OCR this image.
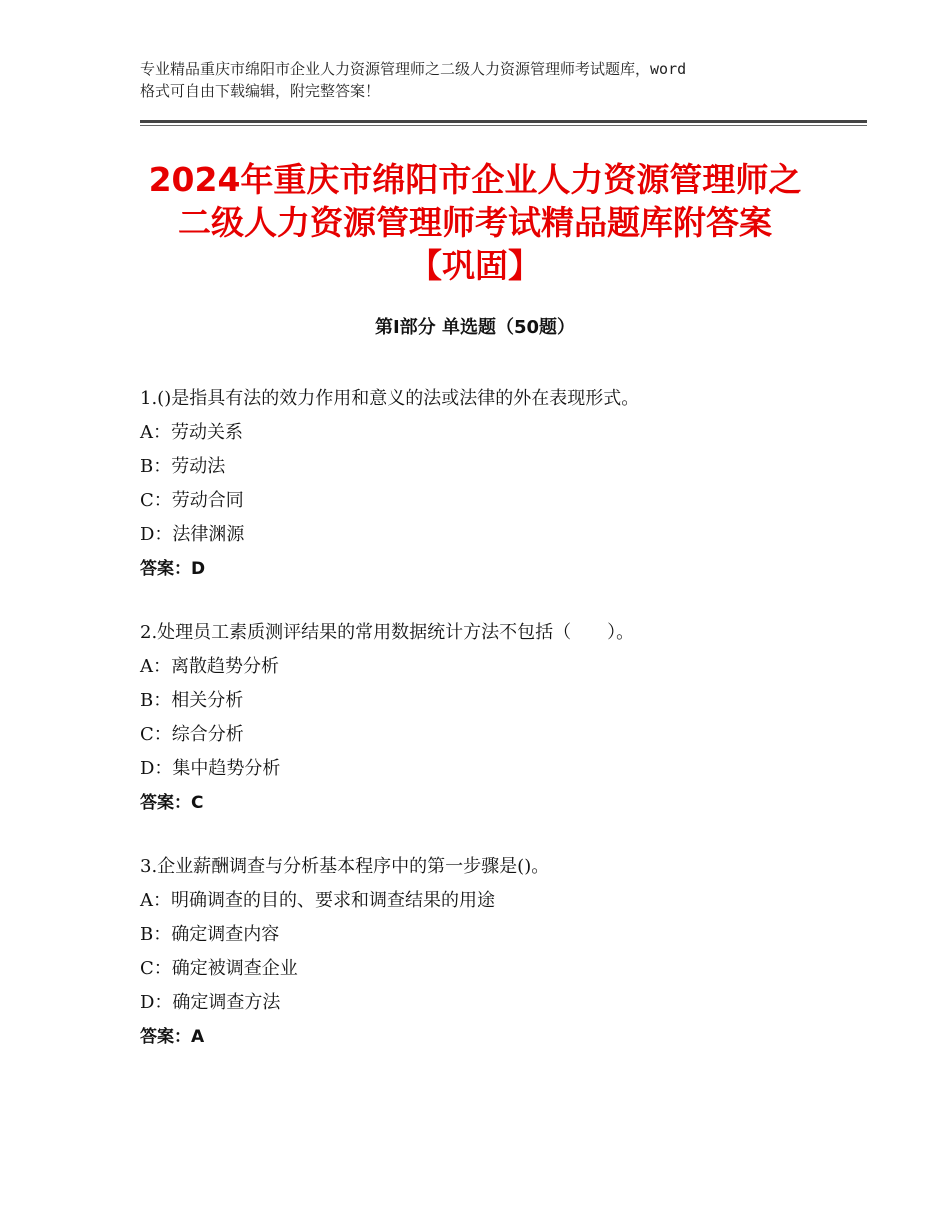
专业精品重庆市绵阳市企业人力资源管理师之二级人力资源管理师考试题库，word
格式可自由下载编辑，附完整答案！
2024年重庆市绵阳市企业人力资源管理师之
二级人力资源管理师考试精品题库附答案
【巩固】
第Ⅰ部分 单选题（50题）
1.()是指具有法的效力作用和意义的法或法律的外在表现形式。
A：劳动关系
B：劳动法
C：劳动合同
D：法律渊源
答案：D
2.处理员工素质测评结果的常用数据统计方法不包括（　　）。
A：离散趋势分析
B：相关分析
C：综合分析
D：集中趋势分析
答案：C
3.企业薪酬调查与分析基本程序中的第一步骤是()。
A：明确调查的目的、要求和调查结果的用途
B：确定调查内容
C：确定被调查企业
D：确定调查方法
答案：A
